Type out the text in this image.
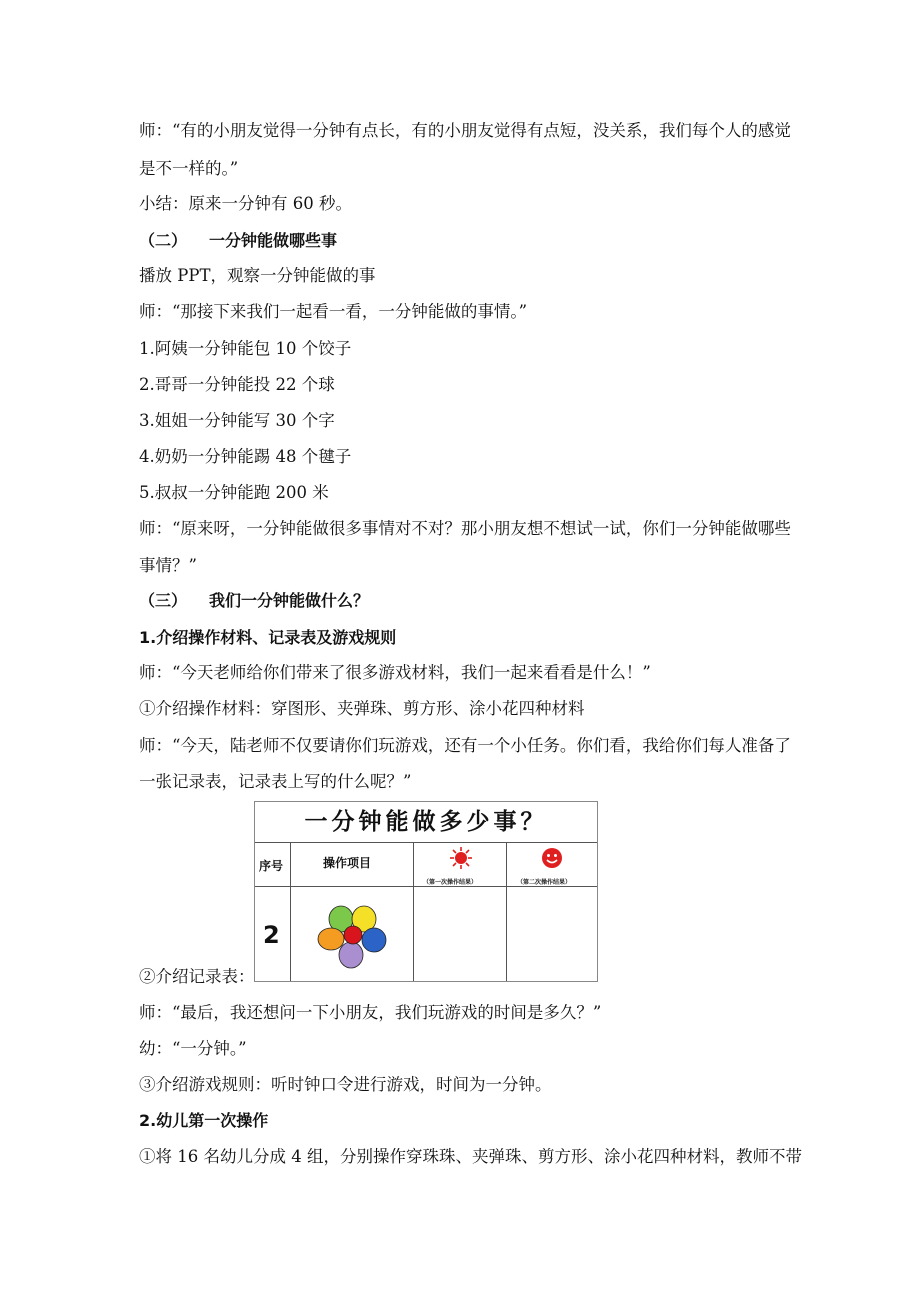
师：“有的小朋友觉得一分钟有点长，有的小朋友觉得有点短，没关系，我们每个人的感觉
是不一样的。”
小结：原来一分钟有 60 秒。
（二） 一分钟能做哪些事
播放 PPT，观察一分钟能做的事
师：“那接下来我们一起看一看，一分钟能做的事情。”
1.阿姨一分钟能包 10 个饺子
2.哥哥一分钟能投 22 个球
3.姐姐一分钟能写 30 个字
4.奶奶一分钟能踢 48 个毽子
5.叔叔一分钟能跑 200 米
师：“原来呀，一分钟能做很多事情对不对？那小朋友想不想试一试，你们一分钟能做哪些
事情？”
（三） 我们一分钟能做什么？
1.介绍操作材料、记录表及游戏规则
师：“今天老师给你们带来了很多游戏材料，我们一起来看看是什么！”
①介绍操作材料：穿图形、夹弹珠、剪方形、涂小花四种材料
师：“今天，陆老师不仅要请你们玩游戏，还有一个小任务。你们看，我给你们每人准备了
一张记录表，记录表上写的什么呢？”
②介绍记录表：
一分钟能做多少事？
序号	操作项目
（第一次操作结果）	（第二次操作结果）
2
师：“最后，我还想问一下小朋友，我们玩游戏的时间是多久？”
幼：“一分钟。”
③介绍游戏规则：听时钟口令进行游戏，时间为一分钟。
2.幼儿第一次操作
①将 16 名幼儿分成 4 组，分别操作穿珠珠、夹弹珠、剪方形、涂小花四种材料，教师不带
